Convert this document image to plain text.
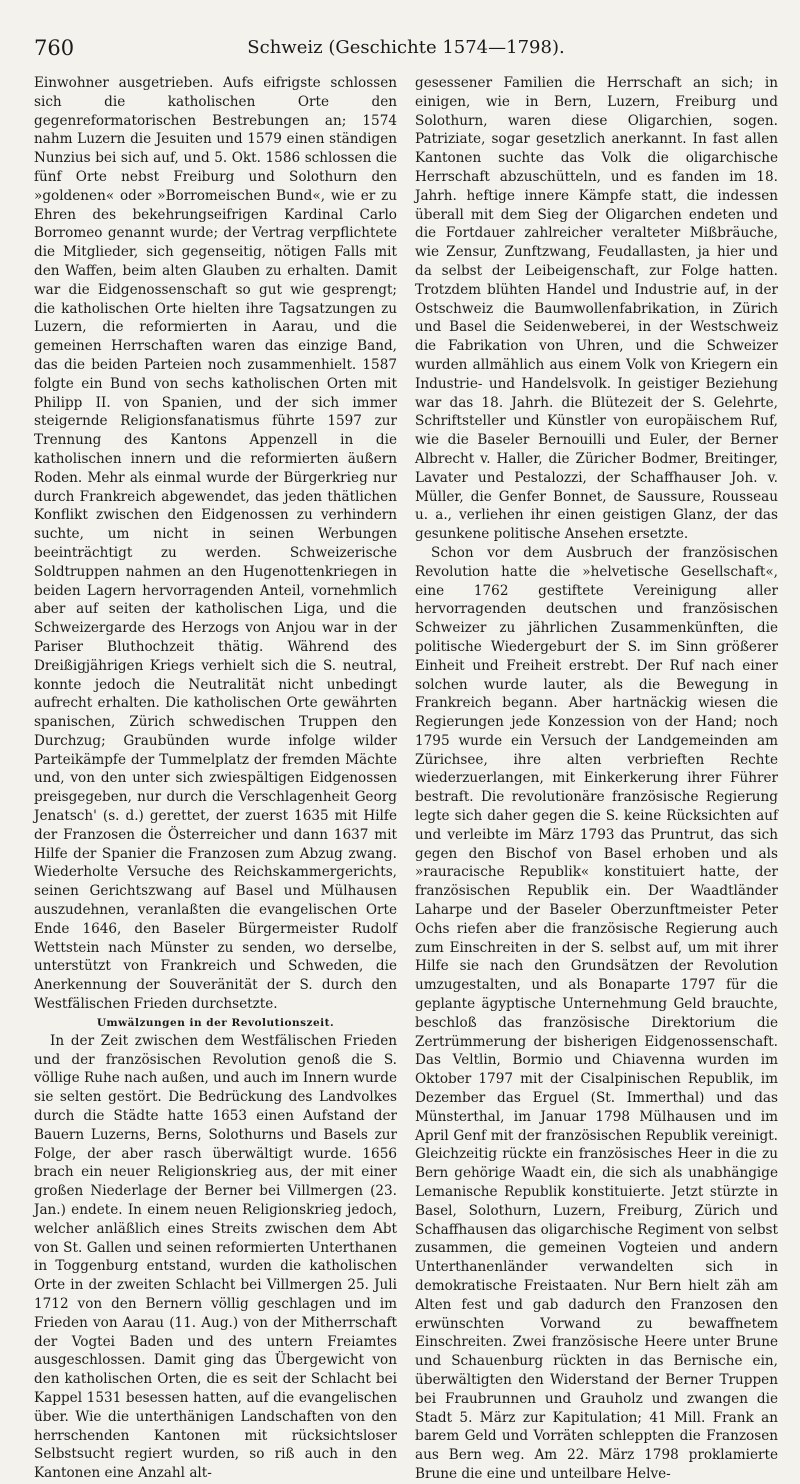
760	Schweiz (Geschichte 1574—1798).

Einwohner ausgetrieben. Aufs eifrigste schlossen sich die katholischen Orte den gegenreformatorischen Bestrebungen an; 1574 nahm Luzern die Jesuiten und 1579 einen ständigen Nunzius bei sich auf, und 5. Okt. 1586 schlossen die fünf Orte nebst Freiburg und Solothurn den »goldenen« oder »Borromeischen Bund«, wie er zu Ehren des bekehrungseifrigen Kardinal Carlo Borromeo genannt wurde; der Vertrag verpflichtete die Mitglieder, sich gegenseitig, nötigen Falls mit den Waffen, beim alten Glauben zu erhalten. Damit war die Eidgenossenschaft so gut wie gesprengt; die katholischen Orte hielten ihre Tagsatzungen zu Luzern, die reformierten in Aarau, und die gemeinen Herrschaften waren das einzige Band, das die beiden Parteien noch zusammenhielt. 1587 folgte ein Bund von sechs katholischen Orten mit Philipp II. von Spanien, und der sich immer steigernde Religionsfanatismus führte 1597 zur Trennung des Kantons Appenzell in die katholischen innern und die reformierten äußern Roden. Mehr als einmal wurde der Bürgerkrieg nur durch Frankreich abgewendet, das jeden thätlichen Konflikt zwischen den Eidgenossen zu verhindern suchte, um nicht in seinen Werbungen beeinträchtigt zu werden. Schweizerische Soldtruppen nahmen an den Hugenottenkriegen in beiden Lagern hervorragenden Anteil, vornehmlich aber auf seiten der katholischen Liga, und die Schweizergarde des Herzogs von Anjou war in der Pariser Bluthochzeit thätig. Während des Dreißigjährigen Kriegs verhielt sich die S. neutral, konnte jedoch die Neutralität nicht unbedingt aufrecht erhalten. Die katholischen Orte gewährten spanischen, Zürich schwedischen Truppen den Durchzug; Graubünden wurde infolge wilder Parteikämpfe der Tummelplatz der fremden Mächte und, von den unter sich zwiespältigen Eidgenossen preisgegeben, nur durch die Verschlagenheit Georg Jenatsch' (s. d.) gerettet, der zuerst 1635 mit Hilfe der Franzosen die Österreicher und dann 1637 mit Hilfe der Spanier die Franzosen zum Abzug zwang. Wiederholte Versuche des Reichskammergerichts, seinen Gerichtszwang auf Basel und Mülhausen auszudehnen, veranlaßten die evangelischen Orte Ende 1646, den Baseler Bürgermeister Rudolf Wettstein nach Münster zu senden, wo derselbe, unterstützt von Frankreich und Schweden, die Anerkennung der Souveränität der S. durch den Westfälischen Frieden durchsetzte.

Umwälzungen in der Revolutionszeit.

In der Zeit zwischen dem Westfälischen Frieden und der französischen Revolution genoß die S. völlige Ruhe nach außen, und auch im Innern wurde sie selten gestört. Die Bedrückung des Landvolkes durch die Städte hatte 1653 einen Aufstand der Bauern Luzerns, Berns, Solothurns und Basels zur Folge, der aber rasch überwältigt wurde. 1656 brach ein neuer Religionskrieg aus, der mit einer großen Niederlage der Berner bei Villmergen (23. Jan.) endete. In einem neuen Religionskrieg jedoch, welcher anläßlich eines Streits zwischen dem Abt von St. Gallen und seinen reformierten Unterthanen in Toggenburg entstand, wurden die katholischen Orte in der zweiten Schlacht bei Villmergen 25. Juli 1712 von den Bernern völlig geschlagen und im Frieden von Aarau (11. Aug.) von der Mitherrschaft der Vogtei Baden und des untern Freiamtes ausgeschlossen. Damit ging das Übergewicht von den katholischen Orten, die es seit der Schlacht bei Kappel 1531 besessen hatten, auf die evangelischen über. Wie die unterthänigen Landschaften von den herrschenden Kantonen mit rücksichtsloser Selbstsucht regiert wurden, so riß auch in den Kantonen eine Anzahl alt-

gesessener Familien die Herrschaft an sich; in einigen, wie in Bern, Luzern, Freiburg und Solothurn, waren diese Oligarchien, sogen. Patriziate, sogar gesetzlich anerkannt. In fast allen Kantonen suchte das Volk die oligarchische Herrschaft abzuschütteln, und es fanden im 18. Jahrh. heftige innere Kämpfe statt, die indessen überall mit dem Sieg der Oligarchen endeten und die Fortdauer zahlreicher veralteter Mißbräuche, wie Zensur, Zunftzwang, Feudallasten, ja hier und da selbst der Leibeigenschaft, zur Folge hatten. Trotzdem blühten Handel und Industrie auf, in der Ostschweiz die Baumwollenfabrikation, in Zürich und Basel die Seidenweberei, in der Westschweiz die Fabrikation von Uhren, und die Schweizer wurden allmählich aus einem Volk von Kriegern ein Industrie- und Handelsvolk. In geistiger Beziehung war das 18. Jahrh. die Blütezeit der S. Gelehrte, Schriftsteller und Künstler von europäischem Ruf, wie die Baseler Bernouilli und Euler, der Berner Albrecht v. Haller, die Züricher Bodmer, Breitinger, Lavater und Pestalozzi, der Schaffhauser Joh. v. Müller, die Genfer Bonnet, de Saussure, Rousseau u. a., verliehen ihr einen geistigen Glanz, der das gesunkene politische Ansehen ersetzte.

Schon vor dem Ausbruch der französischen Revolution hatte die »helvetische Gesellschaft«, eine 1762 gestiftete Vereinigung aller hervorragenden deutschen und französischen Schweizer zu jährlichen Zusammenkünften, die politische Wiedergeburt der S. im Sinn größerer Einheit und Freiheit erstrebt. Der Ruf nach einer solchen wurde lauter, als die Bewegung in Frankreich begann. Aber hartnäckig wiesen die Regierungen jede Konzession von der Hand; noch 1795 wurde ein Versuch der Landgemeinden am Zürichsee, ihre alten verbrieften Rechte wiederzuerlangen, mit Einkerkerung ihrer Führer bestraft. Die revolutionäre französische Regierung legte sich daher gegen die S. keine Rücksichten auf und verleibte im März 1793 das Pruntrut, das sich gegen den Bischof von Basel erhoben und als »rauracische Republik« konstituiert hatte, der französischen Republik ein. Der Waadtländer Laharpe und der Baseler Oberzunftmeister Peter Ochs riefen aber die französische Regierung auch zum Einschreiten in der S. selbst auf, um mit ihrer Hilfe sie nach den Grundsätzen der Revolution umzugestalten, und als Bonaparte 1797 für die geplante ägyptische Unternehmung Geld brauchte, beschloß das französische Direktorium die Zertrümmerung der bisherigen Eidgenossenschaft. Das Veltlin, Bormio und Chiavenna wurden im Oktober 1797 mit der Cisalpinischen Republik, im Dezember das Erguel (St. Immerthal) und das Münsterthal, im Januar 1798 Mülhausen und im April Genf mit der französischen Republik vereinigt. Gleichzeitig rückte ein französisches Heer in die zu Bern gehörige Waadt ein, die sich als unabhängige Lemanische Republik konstituierte. Jetzt stürzte in Basel, Solothurn, Luzern, Freiburg, Zürich und Schaffhausen das oligarchische Regiment von selbst zusammen, die gemeinen Vogteien und andern Unterthanenländer verwandelten sich in demokratische Freistaaten. Nur Bern hielt zäh am Alten fest und gab dadurch den Franzosen den erwünschten Vorwand zu bewaffnetem Einschreiten. Zwei französische Heere unter Brune und Schauenburg rückten in das Bernische ein, überwältigten den Widerstand der Berner Truppen bei Fraubrunnen und Grauholz und zwangen die Stadt 5. März zur Kapitulation; 41 Mill. Frank an barem Geld und Vorräten schleppten die Franzosen aus Bern weg. Am 22. März 1798 proklamierte Brune die eine und unteilbare Helve-
